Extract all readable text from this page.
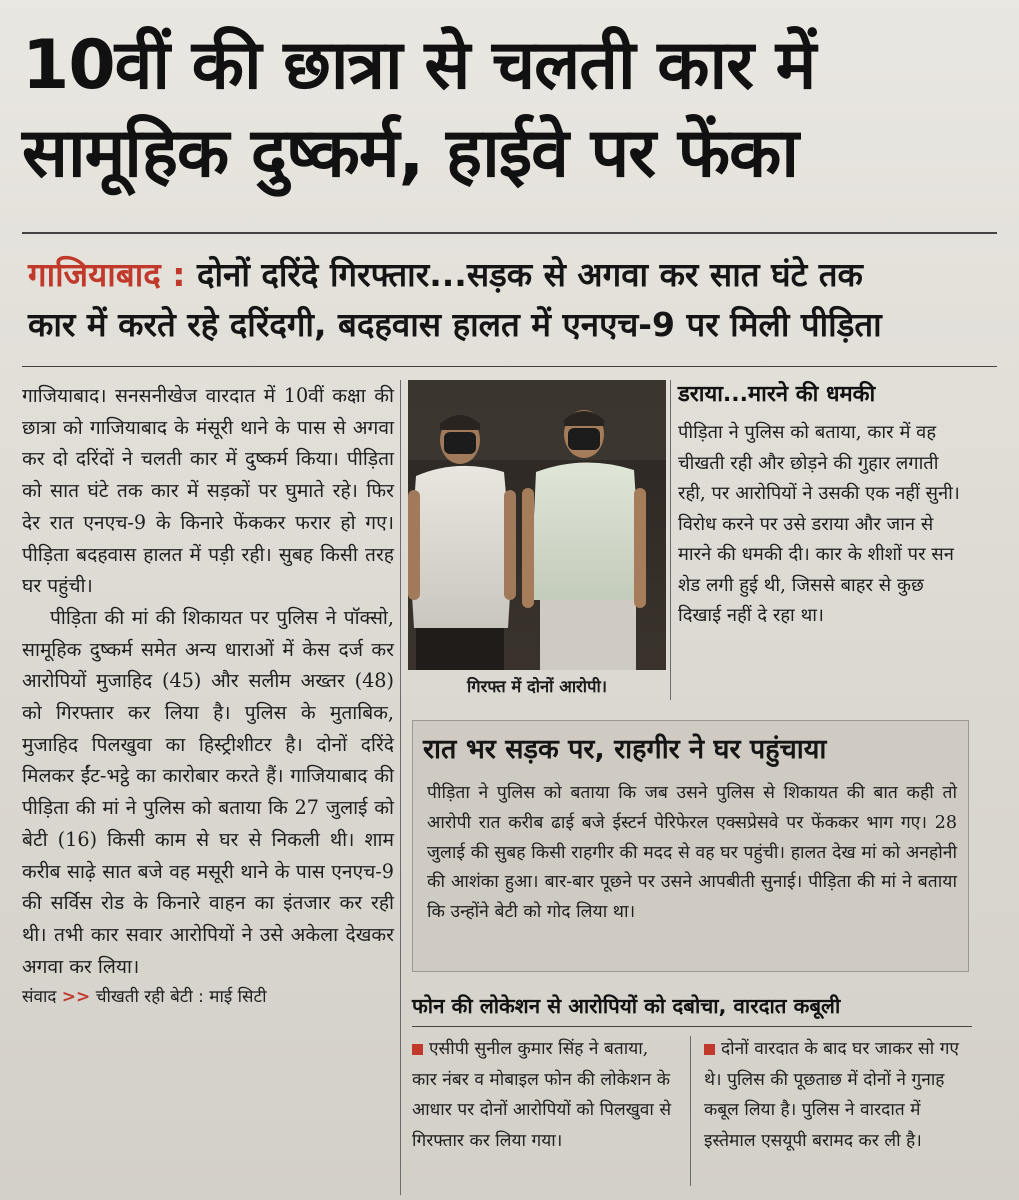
10वीं की छात्रा से चलती कार में
सामूहिक दुष्कर्म, हाईवे पर फेंका
गाजियाबाद : दोनों दरिंदे गिरफ्तार...सड़क से अगवा कर सात घंटे तक
कार में करते रहे दरिंदगी, बदहवास हालत में एनएच-9 पर मिली पीड़िता

गाजियाबाद। सनसनीखेज वारदात में 10वीं कक्षा की छात्रा को गाजियाबाद के मंसूरी थाने के पास से अगवा कर दो दरिंदों ने चलती कार में दुष्कर्म किया। पीड़िता को सात घंटे तक कार में सड़कों पर घुमाते रहे। फिर देर रात एनएच-9 के किनारे फेंककर फरार हो गए। पीड़िता बदहवास हालत में पड़ी रही। सुबह किसी तरह घर पहुंची।

पीड़िता की मां की शिकायत पर पुलिस ने पॉक्सो, सामूहिक दुष्कर्म समेत अन्य धाराओं में केस दर्ज कर आरोपियों मुजाहिद (45) और सलीम अख्तर (48) को गिरफ्तार कर लिया है। पुलिस के मुताबिक, मुजाहिद पिलखुवा का हिस्ट्रीशीटर है। दोनों दरिंदे मिलकर ईंट-भट्ठे का कारोबार करते हैं। गाजियाबाद की पीड़िता की मां ने पुलिस को बताया कि 27 जुलाई को बेटी (16) किसी काम से घर से निकली थी। शाम करीब साढ़े सात बजे वह मसूरी थाने के पास एनएच-9 की सर्विस रोड के किनारे वाहन का इंतजार कर रही थी। तभी कार सवार आरोपियों ने उसे अकेला देखकर अगवा कर लिया।

संवाद >> चीखती रही बेटी : माई सिटी

गिरफ्त में दोनों आरोपी।
डराया...मारने की धमकी
पीड़िता ने पुलिस को बताया, कार में वह चीखती रही और छोड़ने की गुहार लगाती रही, पर आरोपियों ने उसकी एक नहीं सुनी। विरोध करने पर उसे डराया और जान से मारने की धमकी दी। कार के शीशों पर सन शेड लगी हुई थी, जिससे बाहर से कुछ दिखाई नहीं दे रहा था।
रात भर सड़क पर, राहगीर ने घर पहुंचाया
पीड़िता ने पुलिस को बताया कि जब उसने पुलिस से शिकायत की बात कही तो आरोपी रात करीब ढाई बजे ईस्टर्न पेरिफेरल एक्सप्रेसवे पर फेंककर भाग गए। 28 जुलाई की सुबह किसी राहगीर की मदद से वह घर पहुंची। हालत देख मां को अनहोनी की आशंका हुआ। बार-बार पूछने पर उसने आपबीती सुनाई। पीड़िता की मां ने बताया कि उन्होंने बेटी को गोद लिया था।
फोन की लोकेशन से आरोपियों को दबोचा, वारदात कबूली
एसीपी सुनील कुमार सिंह ने बताया, कार नंबर व मोबाइल फोन की लोकेशन के आधार पर दोनों आरोपियों को पिलखुवा से गिरफ्तार कर लिया गया।
दोनों वारदात के बाद घर जाकर सो गए थे। पुलिस की पूछताछ में दोनों ने गुनाह कबूल लिया है। पुलिस ने वारदात में इस्तेमाल एसयूपी बरामद कर ली है।
